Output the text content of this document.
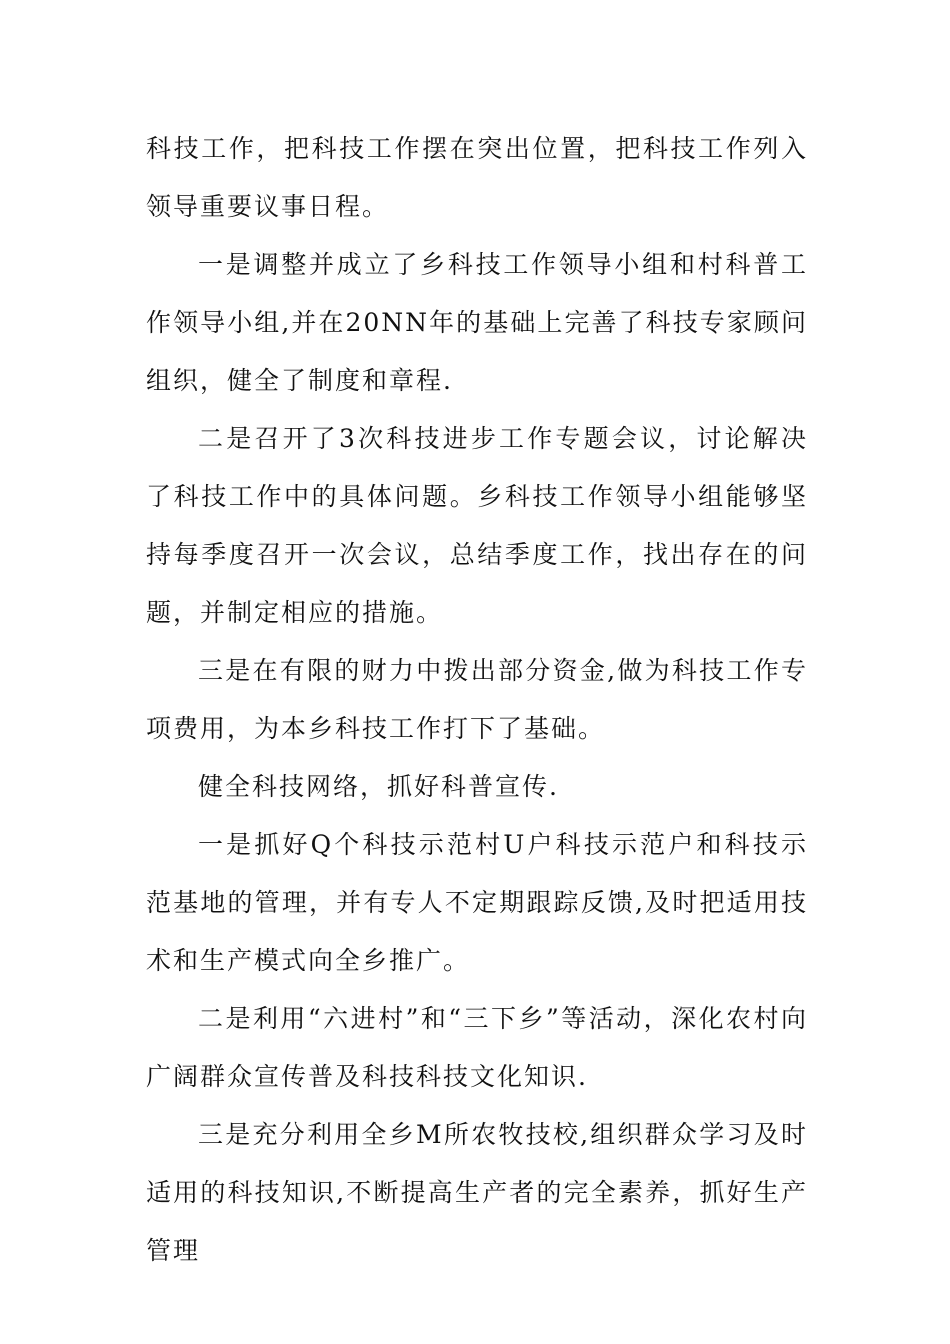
科技工作，把科技工作摆在突出位置，把科技工作列入领导重要议事日程。

一是调整并成立了乡科技工作领导小组和村科普工作领导小组,并在20NN年的基础上完善了科技专家顾问组织，健全了制度和章程.

二是召开了3次科技进步工作专题会议，讨论解决了科技工作中的具体问题。乡科技工作领导小组能够坚持每季度召开一次会议，总结季度工作，找出存在的问题，并制定相应的措施。

三是在有限的财力中拨出部分资金,做为科技工作专项费用，为本乡科技工作打下了基础。

健全科技网络，抓好科普宣传.

一是抓好Q个科技示范村U户科技示范户和科技示范基地的管理，并有专人不定期跟踪反馈,及时把适用技术和生产模式向全乡推广。

二是利用“六进村”和“三下乡”等活动，深化农村向广阔群众宣传普及科技科技文化知识.

三是充分利用全乡M所农牧技校,组织群众学习及时适用的科技知识,不断提高生产者的完全素养，抓好生产管理
